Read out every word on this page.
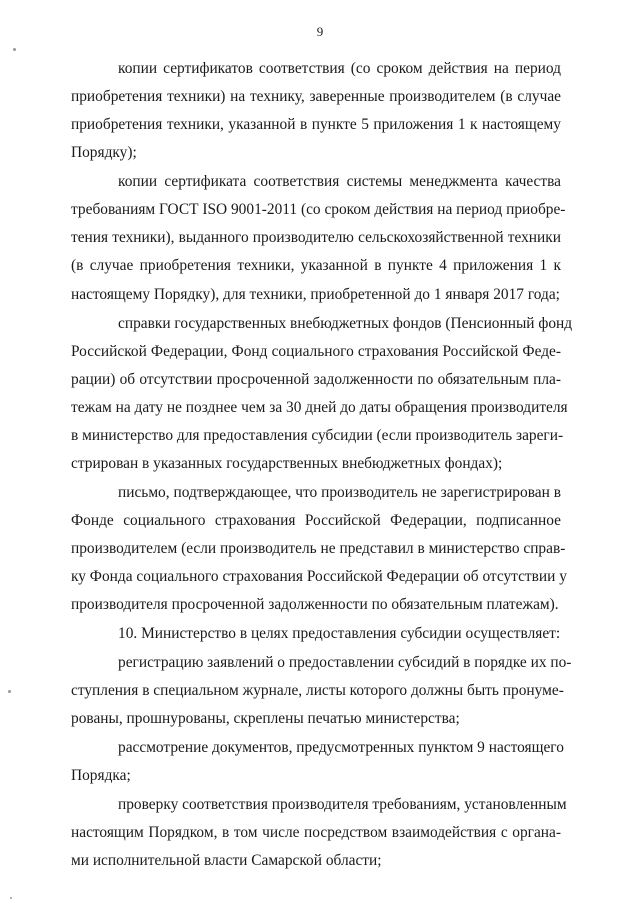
9
копии сертификатов соответствия (со сроком действия на период
приобретения техники) на технику, заверенные производителем (в случае
приобретения техники, указанной в пункте 5 приложения 1 к настоящему
Порядку);
копии сертификата соответствия системы менеджмента качества
требованиям ГОСТ ISO 9001-2011 (со сроком действия на период приобре-
тения техники), выданного производителю сельскохозяйственной техники
(в случае приобретения техники, указанной в пункте 4 приложения 1 к
настоящему Порядку), для техники, приобретенной до 1 января 2017 года;
справки государственных внебюджетных фондов (Пенсионный фонд
Российской Федерации, Фонд социального страхования Российской Феде-
рации) об отсутствии просроченной задолженности по обязательным пла-
тежам на дату не позднее чем за 30 дней до даты обращения производителя
в министерство для предоставления субсидии (если производитель зареги-
стрирован в указанных государственных внебюджетных фондах);
письмо, подтверждающее, что производитель не зарегистрирован в
Фонде социального страхования Российской Федерации, подписанное
производителем (если производитель не представил в министерство справ-
ку Фонда социального страхования Российской Федерации об отсутствии у
производителя просроченной задолженности по обязательным платежам).
10. Министерство в целях предоставления субсидии осуществляет:
регистрацию заявлений о предоставлении субсидий в порядке их по-
ступления в специальном журнале, листы которого должны быть пронуме-
рованы, прошнурованы, скреплены печатью министерства;
рассмотрение документов, предусмотренных пунктом 9 настоящего
Порядка;
проверку соответствия производителя требованиям, установленным
настоящим Порядком, в том числе посредством взаимодействия с органа-
ми исполнительной власти Самарской области;
